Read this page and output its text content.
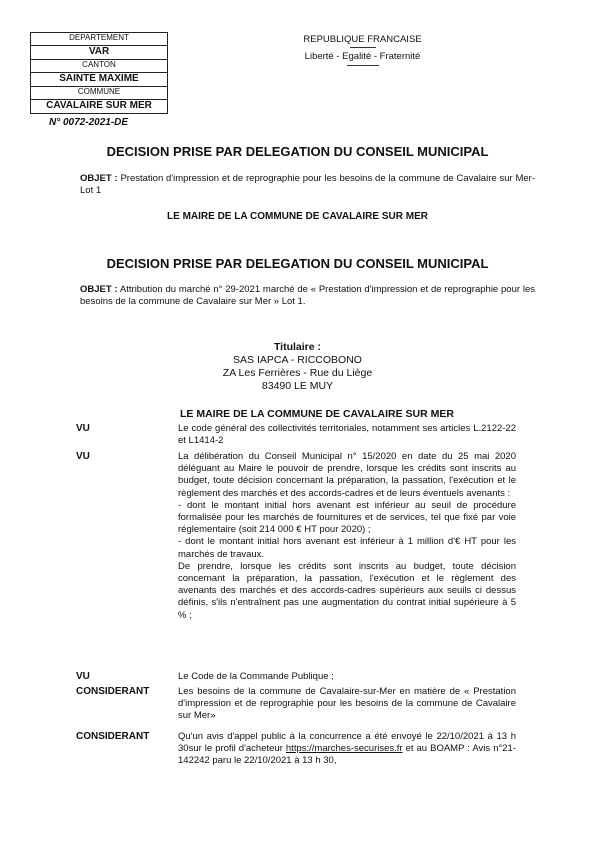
DEPARTEMENT
VAR
CANTON
SAINTE MAXIME
COMMUNE
CAVALAIRE SUR MER
REPUBLIQUE FRANCAISE
Liberté - Egalité - Fraternité
N° 0072-2021-DE
DECISION PRISE PAR DELEGATION DU CONSEIL MUNICIPAL
OBJET : Prestation d'impression et de reprographie pour les besoins de la commune de Cavalaire sur Mer- Lot 1
LE MAIRE DE LA COMMUNE DE CAVALAIRE SUR MER
DECISION PRISE PAR DELEGATION DU CONSEIL MUNICIPAL
OBJET : Attribution du marché n° 29-2021 marché de « Prestation d'impression et de reprographie pour les besoins de la commune de Cavalaire sur Mer » Lot 1.
Titulaire :
SAS IAPCA - RICCOBONO
ZA Les Ferrières - Rue du Liège
83490 LE MUY
LE MAIRE DE LA COMMUNE DE CAVALAIRE SUR MER
VU	Le code général des collectivités territoriales, notamment ses articles L.2122-22 et L1414-2

VU	La délibération du Conseil Municipal n° 15/2020 en date du 25 mai 2020 déléguant au Maire le pouvoir de prendre, lorsque les crédits sont inscrits au budget, toute décision concernant la préparation, la passation, l'exécution et le règlement des marchés et des accords-cadres et de leurs éventuels avenants :

- dont le montant initial hors avenant est inférieur au seuil de procédure formalisée pour les marchés de fournitures et de services, tel que fixé par voie réglementaire (soit 214 000 € HT pour 2020) ;

- dont le montant initial hors avenant est inférieur à 1 million d'€ HT pour les marchés de travaux.

De prendre, lorsque les crédits sont inscrits au budget, toute décision concernant la préparation, la passation, l'exécution et le règlement des avenants des marchés et des accords-cadres supérieurs aux seuils ci dessus définis, s'ils n'entraînent pas une augmentation du contrat initial supérieure à 5 % ;

VU	Le Code de la Commande Publique ;

CONSIDERANT	Les besoins de la commune de Cavalaire-sur-Mer en matière de « Prestation d'impression et de reprographie pour les besoins de la commune de Cavalaire sur Mer»

CONSIDERANT	Qu'un avis d'appel public à la concurrence a été envoyé le 22/10/2021 à 13 h 30sur le profil d'acheteur https://marches-securises.fr et au BOAMP : Avis n°21-142242 paru le 22/10/2021 à 13 h 30,
